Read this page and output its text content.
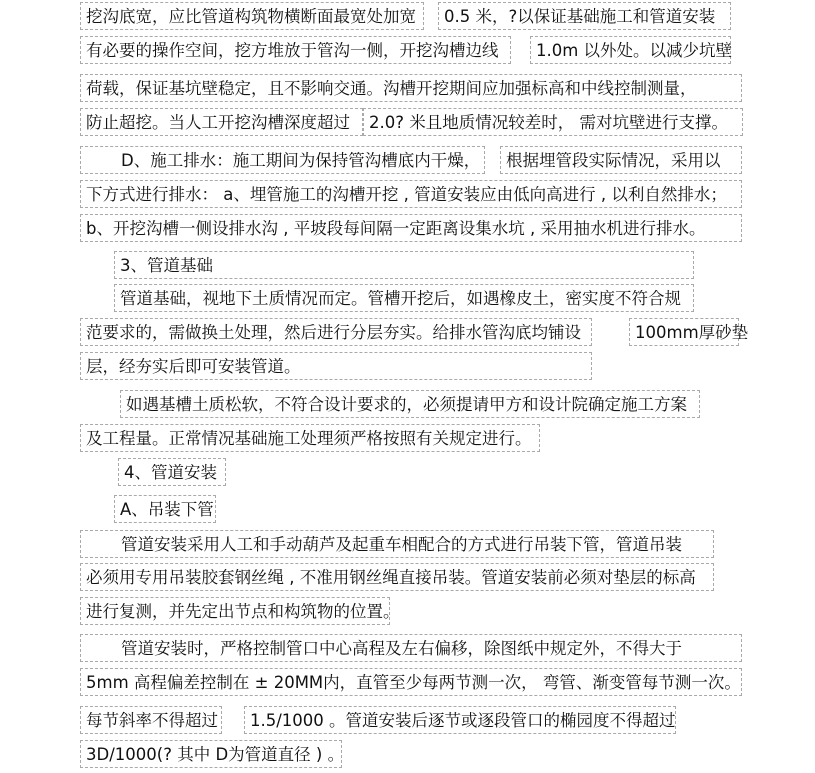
挖沟底宽，应比管道构筑物横断面最宽处加宽	0.5 米，?以保证基础施工和管道安装
有必要的操作空间，挖方堆放于管沟一侧，开挖沟槽边线	1.0m 以外处。以减少坑壁
荷载，保证基坑壁稳定，且不影响交通。沟槽开挖期间应加强标高和中线控制测量，
防止超挖。当人工开挖沟槽深度超过	2.0? 米且地质情况较差时， 需对坑壁进行支撑。
D、施工排水：施工期间为保持管沟槽底内干燥，	根据埋管段实际情况，采用以
下方式进行排水： a、埋管施工的沟槽开挖 , 管道安装应由低向高进行 , 以利自然排水；
b、开挖沟槽一侧设排水沟 , 平坡段每间隔一定距离设集水坑 , 采用抽水机进行排水。
3、管道基础
管道基础，视地下土质情况而定。管槽开挖后，如遇橡皮土，密实度不符合规
范要求的，需做换土处理，然后进行分层夯实。给排水管沟底均铺设	100mm厚砂垫
层，经夯实后即可安装管道。
如遇基槽土质松软，不符合设计要求的，必须提请甲方和设计院确定施工方案
及工程量。正常情况基础施工处理须严格按照有关规定进行。
4、管道安装
A、吊装下管
管道安装采用人工和手动葫芦及起重车相配合的方式进行吊装下管，管道吊装
必须用专用吊装胶套钢丝绳 , 不准用钢丝绳直接吊装。管道安装前必须对垫层的标高
进行复测，并先定出节点和构筑物的位置。
管道安装时，严格控制管口中心高程及左右偏移，除图纸中规定外，不得大于
5mm 高程偏差控制在 ± 20MM内，直管至少每两节测一次， 弯管、渐变管每节测一次。
每节斜率不得超过	1.5/1000 。管道安装后逐节或逐段管口的椭园度不得超过
3D/1000(? 其中 D为管道直径 ) 。
